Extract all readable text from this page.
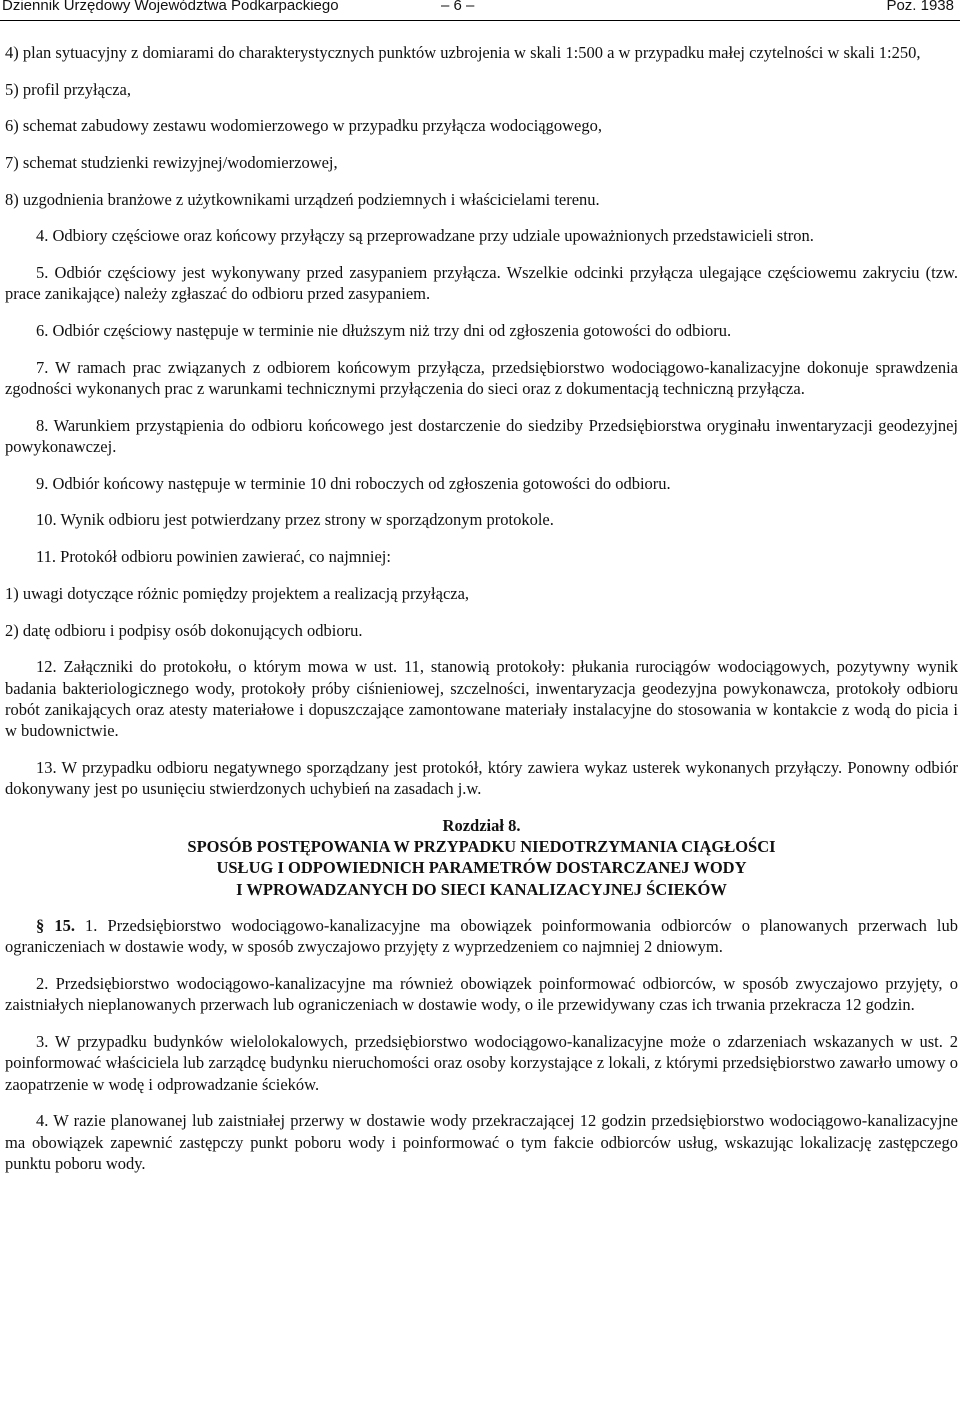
Dziennik Urzędowy Województwa Podkarpackiego	– 6 –	Poz. 1938

4) plan sytuacyjny z domiarami do charakterystycznych punktów uzbrojenia w skali 1:500 a w przypadku małej czytelności w skali 1:250,

5) profil przyłącza,

6) schemat zabudowy zestawu wodomierzowego w przypadku przyłącza wodociągowego,

7) schemat studzienki rewizyjnej/wodomierzowej,

8) uzgodnienia branżowe z użytkownikami urządzeń podziemnych i właścicielami terenu.

4. Odbiory częściowe oraz końcowy przyłączy są przeprowadzane przy udziale upoważnionych przedstawicieli stron.

5. Odbiór częściowy jest wykonywany przed zasypaniem przyłącza. Wszelkie odcinki przyłącza ulegające częściowemu zakryciu (tzw. prace zanikające) należy zgłaszać do odbioru przed zasypaniem.

6. Odbiór częściowy następuje w terminie nie dłuższym niż trzy dni od zgłoszenia gotowości do odbioru.

7. W ramach prac związanych z odbiorem końcowym przyłącza, przedsiębiorstwo wodociągowo-kanalizacyjne dokonuje sprawdzenia zgodności wykonanych prac z warunkami technicznymi przyłączenia do sieci oraz z dokumentacją techniczną przyłącza.

8. Warunkiem przystąpienia do odbioru końcowego jest dostarczenie do siedziby Przedsiębiorstwa oryginału inwentaryzacji geodezyjnej powykonawczej.

9. Odbiór końcowy następuje w terminie 10 dni roboczych od zgłoszenia gotowości do odbioru.

10. Wynik odbioru jest potwierdzany przez strony w sporządzonym protokole.

11. Protokół odbioru powinien zawierać, co najmniej:

1) uwagi dotyczące różnic pomiędzy projektem a realizacją przyłącza,

2) datę odbioru i podpisy osób dokonujących odbioru.

12. Załączniki do protokołu, o którym mowa w ust. 11, stanowią protokoły: płukania rurociągów wodociągowych, pozytywny wynik badania bakteriologicznego wody, protokoły próby ciśnieniowej, szczelności, inwentaryzacja geodezyjna powykonawcza, protokoły odbioru robót zanikających oraz atesty materiałowe i dopuszczające zamontowane materiały instalacyjne do stosowania w kontakcie z wodą do picia i w budownictwie.

13. W przypadku odbioru negatywnego sporządzany jest protokół, który zawiera wykaz usterek wykonanych przyłączy. Ponowny odbiór dokonywany jest po usunięciu stwierdzonych uchybień na zasadach j.w.

Rozdział 8.

SPOSÓB POSTĘPOWANIA W PRZYPADKU NIEDOTRZYMANIA CIĄGŁOŚCI

USŁUG I ODPOWIEDNICH PARAMETRÓW DOSTARCZANEJ WODY

I WPROWADZANYCH DO SIECI KANALIZACYJNEJ ŚCIEKÓW

§ 15. 1. Przedsiębiorstwo wodociągowo-kanalizacyjne ma obowiązek poinformowania odbiorców o planowanych przerwach lub ograniczeniach w dostawie wody, w sposób zwyczajowo przyjęty z wyprzedzeniem co najmniej 2 dniowym.

2. Przedsiębiorstwo wodociągowo-kanalizacyjne ma również obowiązek poinformować odbiorców, w sposób zwyczajowo przyjęty, o zaistniałych nieplanowanych przerwach lub ograniczeniach w dostawie wody, o ile przewidywany czas ich trwania przekracza 12 godzin.

3. W przypadku budynków wielolokalowych, przedsiębiorstwo wodociągowo-kanalizacyjne może o zdarzeniach wskazanych w ust. 2 poinformować właściciela lub zarządcę budynku nieruchomości oraz osoby korzystające z lokali, z którymi przedsiębiorstwo zawarło umowy o zaopatrzenie w wodę i odprowadzanie ścieków.

4. W razie planowanej lub zaistniałej przerwy w dostawie wody przekraczającej 12 godzin przedsiębiorstwo wodociągowo-kanalizacyjne ma obowiązek zapewnić zastępczy punkt poboru wody i poinformować o tym fakcie odbiorców usług, wskazując lokalizację zastępczego punktu poboru wody.
